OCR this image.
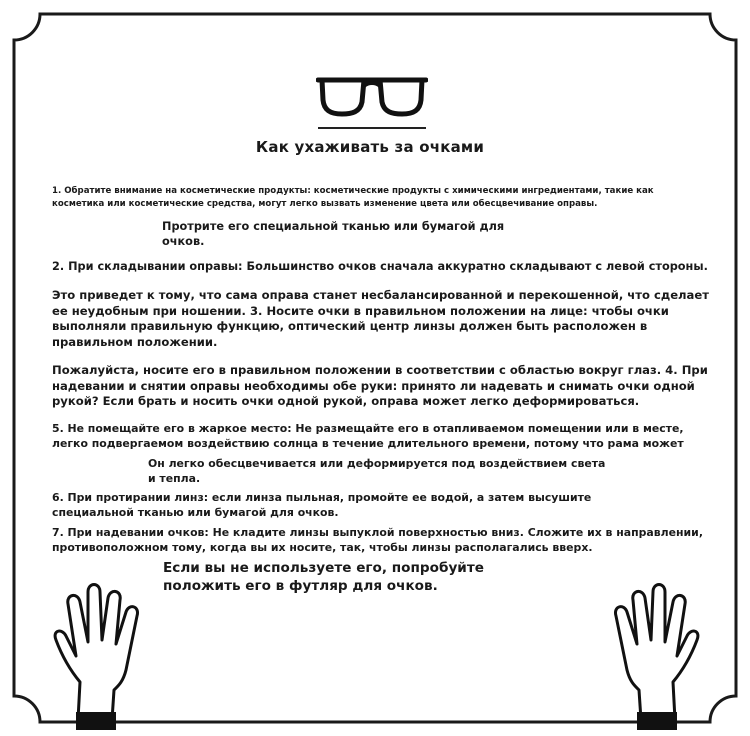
Как ухаживать за очками

1. Обратите внимание на косметические продукты: косметические продукты с химическими ингредиентами, такие как косметика или косметические средства, могут легко вызвать изменение цвета или обесцвечивание оправы.

Протрите его специальной тканью или бумагой для очков.

2. При складывании оправы: Большинство очков сначала аккуратно складывают с левой стороны.

Это приведет к тому, что сама оправа станет несбалансированной и перекошенной, что сделает ее неудобным при ношении. 3. Носите очки в правильном положении на лице: чтобы очки выполняли правильную функцию, оптический центр линзы должен быть расположен в правильном положении.

Пожалуйста, носите его в правильном положении в соответствии с областью вокруг глаз. 4. При надевании и снятии оправы необходимы обе руки: принято ли надевать и снимать очки одной рукой? Если брать и носить очки одной рукой, оправа может легко деформироваться.

5. Не помещайте его в жаркое место: Не размещайте его в отапливаемом помещении или в месте, легко подвергаемом воздействию солнца в течение длительного времени, потому что рама может

Он легко обесцвечивается или деформируется под воздействием света и тепла.

6. При протирании линз: если линза пыльная, промойте ее водой, а затем высушите специальной тканью или бумагой для очков.

7. При надевании очков: Не кладите линзы выпуклой поверхностью вниз. Сложите их в направлении, противоположном тому, когда вы их носите, так, чтобы линзы располагались вверх.

Если вы не используете его, попробуйте положить его в футляр для очков.
